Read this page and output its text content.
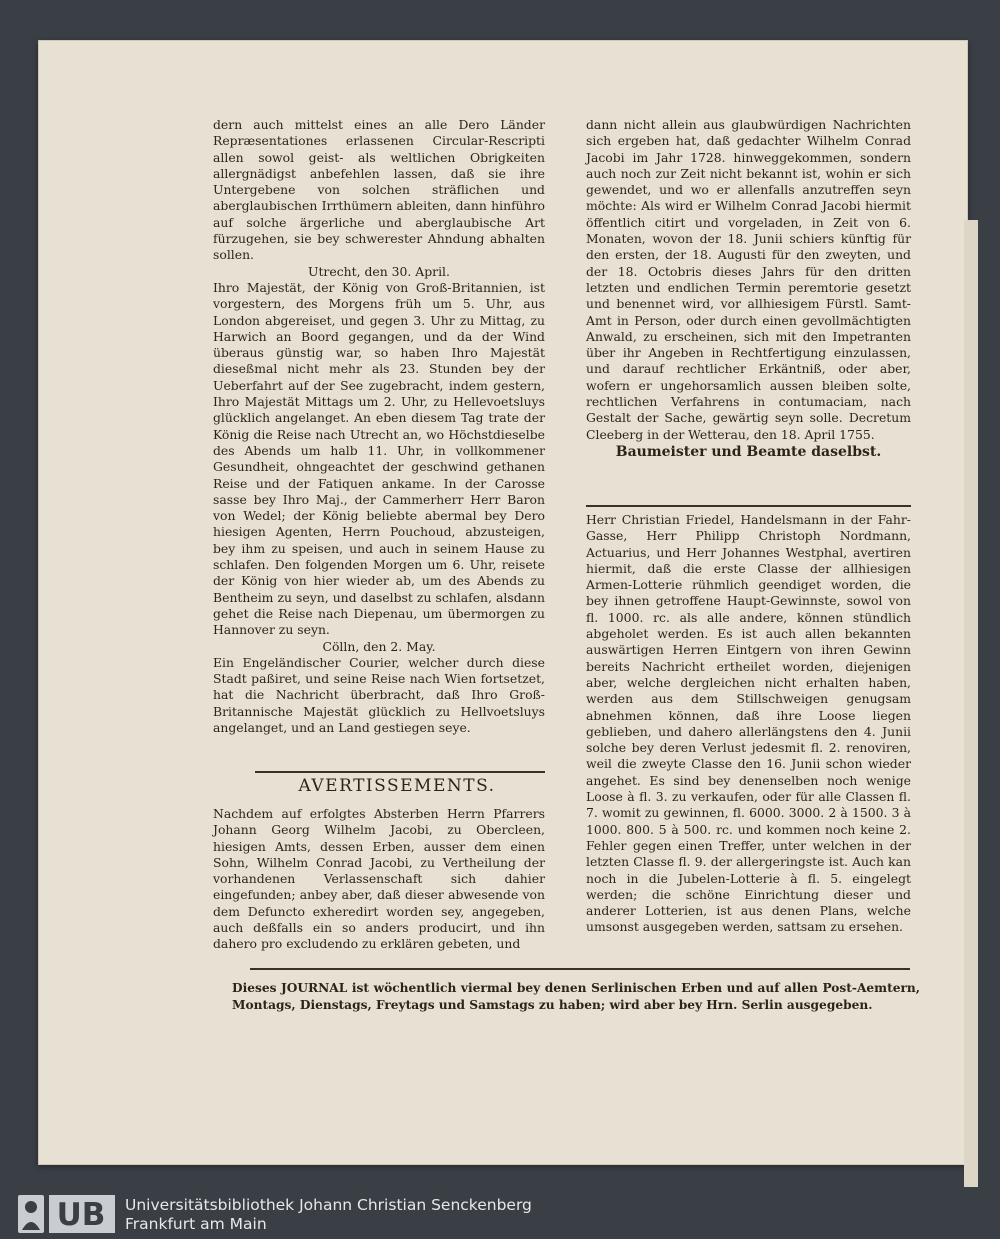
dern auch mittelst eines an alle Dero Länder Repræsentationes erlassenen Circular-Rescripti allen sowol geist- als weltlichen Obrigkeiten allergnädigst anbefehlen lassen, daß sie ihre Untergebene von solchen sträflichen und aberglaubischen Irrthümern ableiten, dann hinführo auf solche ärgerliche und aberglaubische Art fürzugehen, sie bey schwerester Ahndung abhalten sollen.

Utrecht, den 30. April.

Ihro Majestät, der König von Groß-Britannien, ist vorgestern, des Morgens früh um 5. Uhr, aus London abgereiset, und gegen 3. Uhr zu Mittag, zu Harwich an Boord gegangen, und da der Wind überaus günstig war, so haben Ihro Majestät dieseßmal nicht mehr als 23. Stunden bey der Ueberfahrt auf der See zugebracht, indem gestern, Ihro Majestät Mittags um 2. Uhr, zu Hellevoetsluys glücklich angelanget. An eben diesem Tag trate der König die Reise nach Utrecht an, wo Höchstdieselbe des Abends um halb 11. Uhr, in vollkommener Gesundheit, ohngeachtet der geschwind gethanen Reise und der Fatiquen ankame. In der Carosse sasse bey Ihro Maj., der Cammerherr Herr Baron von Wedel; der König beliebte abermal bey Dero hiesigen Agenten, Herrn Pouchoud, abzusteigen, bey ihm zu speisen, und auch in seinem Hause zu schlafen. Den folgenden Morgen um 6. Uhr, reisete der König von hier wieder ab, um des Abends zu Bentheim zu seyn, und daselbst zu schlafen, alsdann gehet die Reise nach Diepenau, um übermorgen zu Hannover zu seyn.

Cölln, den 2. May.

Ein Engeländischer Courier, welcher durch diese Stadt paßiret, und seine Reise nach Wien fortsetzet, hat die Nachricht überbracht, daß Ihro Groß-Britannische Majestät glücklich zu Hellvoetsluys angelanget, und an Land gestiegen seye.

AVERTISSEMENTS.

Nachdem auf erfolgtes Absterben Herrn Pfarrers Johann Georg Wilhelm Jacobi, zu Obercleen, hiesigen Amts, dessen Erben, ausser dem einen Sohn, Wilhelm Conrad Jacobi, zu Vertheilung der vorhandenen Verlassenschaft sich dahier eingefunden; anbey aber, daß dieser abwesende von dem Defuncto exheredirt worden sey, angegeben, auch deßfalls ein so anders producirt, und ihn dahero pro excludendo zu erklären gebeten, und

dann nicht allein aus glaubwürdigen Nachrichten sich ergeben hat, daß gedachter Wilhelm Conrad Jacobi im Jahr 1728. hinweggekommen, sondern auch noch zur Zeit nicht bekannt ist, wohin er sich gewendet, und wo er allenfalls anzutreffen seyn möchte: Als wird er Wilhelm Conrad Jacobi hiermit öffentlich citirt und vorgeladen, in Zeit von 6. Monaten, wovon der 18. Junii schiers künftig für den ersten, der 18. Augusti für den zweyten, und der 18. Octobris dieses Jahrs für den dritten letzten und endlichen Termin peremtorie gesetzt und benennet wird, vor allhiesigem Fürstl. Samt-Amt in Person, oder durch einen gevollmächtigten Anwald, zu erscheinen, sich mit den Impetranten über ihr Angeben in Rechtfertigung einzulassen, und darauf rechtlicher Erkäntniß, oder aber, wofern er ungehorsamlich aussen bleiben solte, rechtlichen Verfahrens in contumaciam, nach Gestalt der Sache, gewärtig seyn solle. Decretum Cleeberg in der Wetterau, den 18. April 1755.

Baumeister und Beamte daselbst.

Herr Christian Friedel, Handelsmann in der Fahr-Gasse, Herr Philipp Christoph Nordmann, Actuarius, und Herr Johannes Westphal, avertiren hiermit, daß die erste Classe der allhiesigen Armen-Lotterie rühmlich geendiget worden, die bey ihnen getroffene Haupt-Gewinnste, sowol von fl. 1000. rc. als alle andere, können stündlich abgeholet werden. Es ist auch allen bekannten auswärtigen Herren Eintgern von ihren Gewinn bereits Nachricht ertheilet worden, diejenigen aber, welche dergleichen nicht erhalten haben, werden aus dem Stillschweigen genugsam abnehmen können, daß ihre Loose liegen geblieben, und dahero allerlängstens den 4. Junii solche bey deren Verlust jedesmit fl. 2. renoviren, weil die zweyte Classe den 16. Junii schon wieder angehet. Es sind bey denenselben noch wenige Loose à fl. 3. zu verkaufen, oder für alle Classen fl. 7. womit zu gewinnen, fl. 6000. 3000. 2 à 1500. 3 à 1000. 800. 5 à 500. rc. und kommen noch keine 2. Fehler gegen einen Treffer, unter welchen in der letzten Classe fl. 9. der allergeringste ist. Auch kan noch in die Jubelen-Lotterie à fl. 5. eingelegt werden; die schöne Einrichtung dieser und anderer Lotterien, ist aus denen Plans, welche umsonst ausgegeben werden, sattsam zu ersehen.

Dieses JOURNAL ist wöchentlich viermal bey denen Serlinischen Erben und auf allen Post-Aemtern, Montags, Dienstags, Freytags und Samstags zu haben; wird aber bey Hrn. Serlin ausgegeben.
UB	Universitätsbibliothek Johann Christian Senckenberg
Frankfurt am Main
